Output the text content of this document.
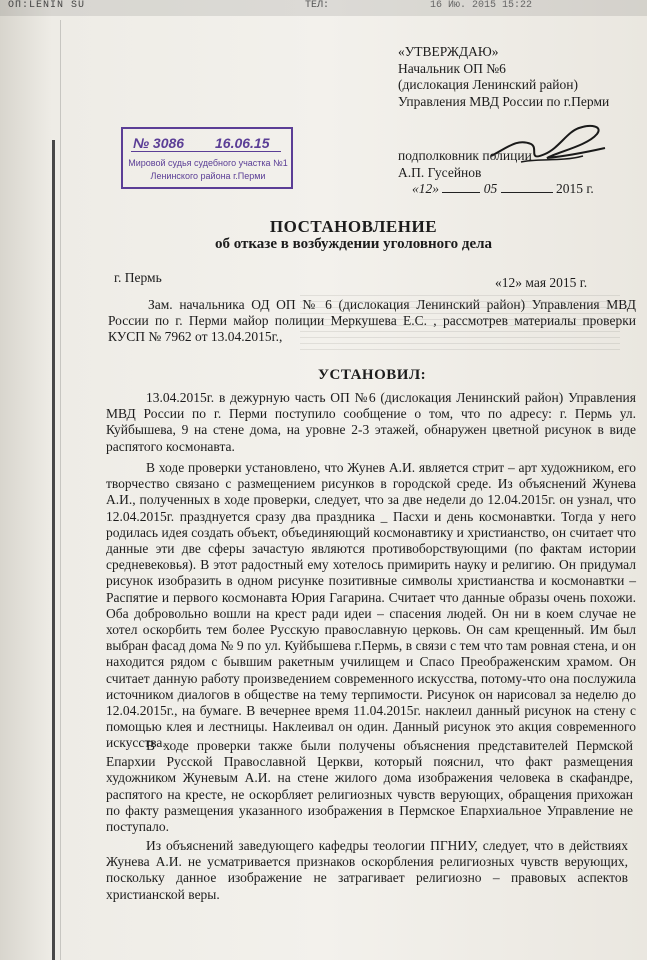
ОП:LENIN SU	ТЕЛ:	16 Ию. 2015 15:22
«УТВЕРЖДАЮ»
Начальник ОП №6
(дислокация Ленинский район)
Управления МВД России по г.Перми
подполковник полиции
А.П. Гусейнов
«12»	05	2015 г.
№ 3086 16.06.15
Мировой судья судебного участка №1
Ленинского района г.Перми
ПОСТАНОВЛЕНИЕ
об отказе в возбуждении уголовного дела
г. Пермь	«12» мая 2015 г.
Зам. начальника ОД ОП № 6 (дислокация Ленинский район) Управления МВД России по г. Перми майор полиции Меркушева Е.С. , рассмотрев материалы проверки КУСП № 7962 от 13.04.2015г.,
УСТАНОВИЛ:
13.04.2015г. в дежурную часть ОП №6 (дислокация Ленинский район) Управления МВД России по г. Перми поступило сообщение о том, что по адресу: г. Пермь ул. Куйбышева, 9 на стене дома, на уровне 2-3 этажей, обнаружен цветной рисунок в виде распятого космонавта.
В ходе проверки установлено, что Жунев А.И. является стрит – арт художником, его творчество связано с размещением рисунков в городской среде. Из объяснений Жунева А.И., полученных в ходе проверки, следует, что за две недели до 12.04.2015г. он узнал, что 12.04.2015г. празднуется сразу два праздника _ Пасхи и день космонавтки. Тогда у него родилась идея создать объект, объединяющий космонавтику и христианство, он считает что данные эти две сферы зачастую являются противоборствующими (по фактам истории средневековья). В этот радостный ему хотелось примирить науку и религию. Он придумал рисунок изобразить в одном рисунке позитивные символы христианства и космонавтки – Распятие и первого космонавта Юрия Гагарина. Считает что данные образы очень похожи. Оба добровольно вошли на крест ради идеи – спасения людей. Он ни в коем случае не хотел оскорбить тем более Русскую православную церковь. Он сам крещенный. Им был выбран фасад дома № 9 по ул. Куйбышева г.Пермь, в связи с тем что там ровная стена, и он находится рядом с бывшим ракетным училищем и Спасо Преображенским храмом. Он считает данную работу произведением современного искусства, потому-что она послужила источником диалогов в обществе на тему терпимости. Рисунок он нарисовал за неделю до 12.04.2015г., на бумаге. В вечернее время 11.04.2015г. наклеил данный рисунок на стену с помощью клея и лестницы. Наклеивал он один. Данный рисунок это акция современного искусства.
В ходе проверки также были получены объяснения представителей Пермской Епархии Русской Православной Церкви, который пояснил, что факт размещения художником Жуневым А.И. на стене жилого дома изображения человека в скафандре, распятого на кресте, не оскорбляет религиозных чувств верующих, обращения прихожан по факту размещения указанного изображения в Пермское Епархиальное Управление не поступало.
Из объяснений заведующего кафедры теологии ПГНИУ, следует, что в действиях Жунева А.И. не усматривается признаков оскорбления религиозных чувств верующих, поскольку данное изображение не затрагивает религиозно – правовых аспектов христианской веры.
